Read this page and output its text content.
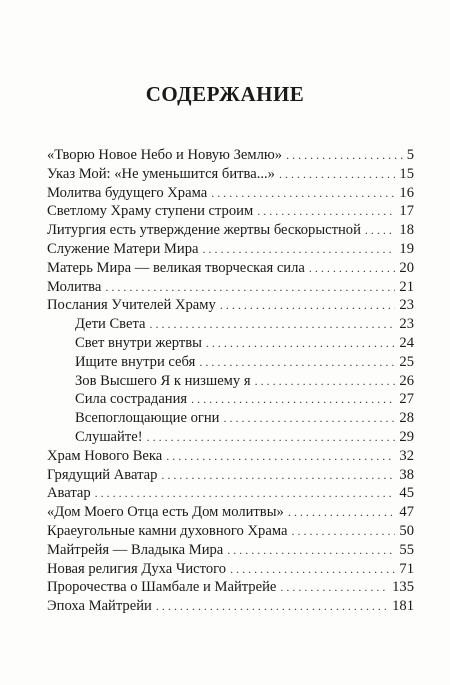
СОДЕРЖАНИЕ
«Творю Новое Небо и Новую Землю» . . .	5
Указ Мой: «Не уменьшится битва...» . . .	15
Молитва будущего Храма . . .	16
Светлому Храму ступени строим . . .	17
Литургия есть утверждение жертвы бескорыстной . . .	18
Служение Матери Мира . . .	19
Матерь Мира — великая творческая сила . . .	20
Молитва . . .	21
Послания Учителей Храму . . .	23
Дети Света . . .	23
Свет внутри жертвы . . .	24
Ищите внутри себя . . .	25
Зов Высшего Я к низшему я . . .	26
Сила сострадания . . .	27
Всепоглощающие огни . . .	28
Слушайте! . . .	29
Храм Нового Века . . .	32
Грядущий Аватар . . .	38
Аватар . . .	45
«Дом Моего Отца есть Дом молитвы» . . .	47
Краеугольные камни духовного Храма . . .	50
Майтрейя — Владыка Мира . . .	55
Новая религия Духа Чистого . . .	71
Пророчества о Шамбале и Майтрейе . . .	135
Эпоха Майтрейи . . .	181
